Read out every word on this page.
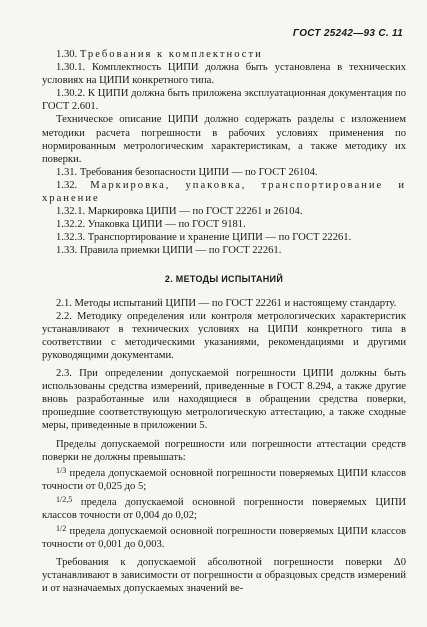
ГОСТ 25242—93 С. 11

1.30. Требования к комплектности

1.30.1. Комплектность ЦИПИ должна быть установлена в технических условиях на ЦИПИ конкретного типа.

1.30.2. К ЦИПИ должна быть приложена эксплуатационная документация по ГОСТ 2.601.

Техническое описание ЦИПИ должно содержать разделы с изложением методики расчета погрешности в рабочих условиях применения по нормированным метрологическим характеристикам, а также методику их поверки.

1.31. Требования безопасности ЦИПИ — по ГОСТ 26104.

1.32. Маркировка, упаковка, транспортирование и хранение

1.32.1. Маркировка ЦИПИ — по ГОСТ 22261 и 26104.

1.32.2. Упаковка ЦИПИ — по ГОСТ 9181.

1.32.3. Транспортирование и хранение ЦИПИ — по ГОСТ 22261.

1.33. Правила приемки ЦИПИ — по ГОСТ 22261.

2. МЕТОДЫ ИСПЫТАНИЙ

2.1. Методы испытаний ЦИПИ — по ГОСТ 22261 и настоящему стандарту.

2.2. Методику определения или контроля метрологических характеристик устанавливают в технических условиях на ЦИПИ конкретного типа в соответствии с методическими указаниями, рекомендациями и другими руководящими документами.

2.3. При определении допускаемой погрешности ЦИПИ должны быть использованы средства измерений, приведенные в ГОСТ 8.294, а также другие вновь разработанные или находящиеся в обращении средства поверки, прошедшие соответствующую метрологическую аттестацию, а также сходные меры, приведенные в приложении 5.

Пределы допускаемой погрешности или погрешности аттестации средств поверки не должны превышать:

$^{1/3}$ предела допускаемой основной погрешности поверяемых ЦИПИ классов точности от 0,025 до 5;

$^{1/2,5}$ предела допускаемой основной погрешности поверяемых ЦИПИ классов точности от 0,004 до 0,02;

$^{1/2}$ предела допускаемой основной погрешности поверяемых ЦИПИ классов точности от 0,001 до 0,003.

Требования к допускаемой абсолютной погрешности поверки Δ0 устанавливают в зависимости от погрешности α образцовых средств измерений и от назначаемых допускаемых значений ве-
